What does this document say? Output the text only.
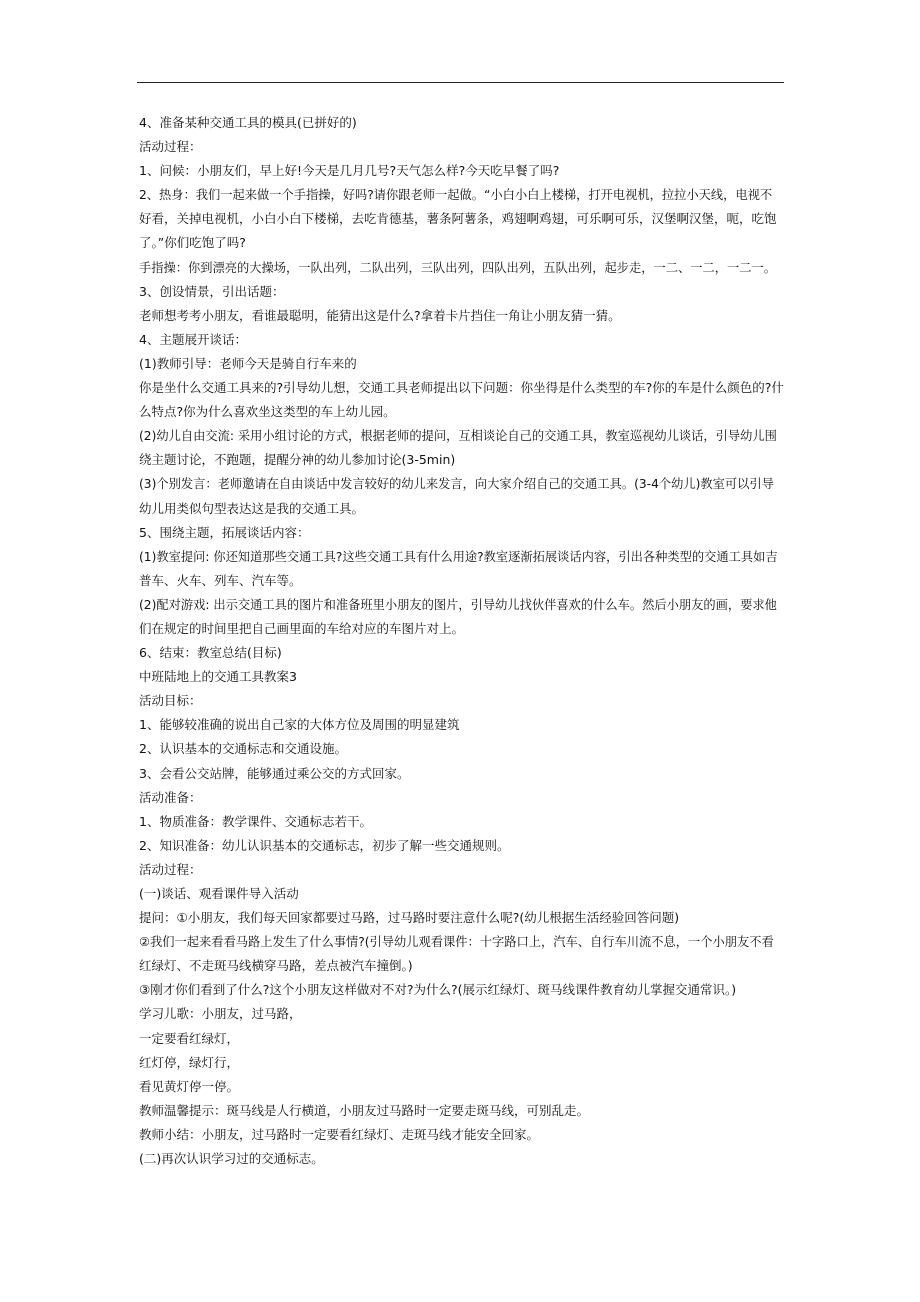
4、准备某种交通工具的模具(已拼好的)

活动过程：

1、问候：小朋友们，早上好!今天是几月几号?天气怎么样?今天吃早餐了吗?

2、热身：我们一起来做一个手指操，好吗?请你跟老师一起做。“小白小白上楼梯，打开电视机，拉拉小天线，电视不

好看，关掉电视机，小白小白下楼梯，去吃肯德基，薯条阿薯条，鸡翅啊鸡翅，可乐啊可乐，汉堡啊汉堡，呃，吃饱

了。”你们吃饱了吗?

手指操：你到漂亮的大操场，一队出列，二队出列，三队出列，四队出列，五队出列，起步走，一二、一二，一二一。

3、创设情景，引出话题：

老师想考考小朋友，看谁最聪明，能猜出这是什么?拿着卡片挡住一角让小朋友猜一猜。

4、主题展开谈话：

(1)教师引导：老师今天是骑自行车来的

你是坐什么交通工具来的?引导幼儿想，交通工具老师提出以下问题：你坐得是什么类型的车?你的车是什么颜色的?什

么特点?你为什么喜欢坐这类型的车上幼儿园。

(2)幼儿自由交流: 采用小组讨论的方式，根据老师的提问，互相谈论自己的交通工具，教室巡视幼儿谈话，引导幼儿围

绕主题讨论，不跑题，提醒分神的幼儿参加讨论(3-5min)

(3)个别发言：老师邀请在自由谈话中发言较好的幼儿来发言，向大家介绍自己的交通工具。(3-4个幼儿)教室可以引导

幼儿用类似句型表达这是我的交通工具。

5、围绕主题，拓展谈话内容：

(1)教室提问: 你还知道那些交通工具?这些交通工具有什么用途?教室逐渐拓展谈话内容，引出各种类型的交通工具如吉

普车、火车、列车、汽车等。

(2)配对游戏: 出示交通工具的图片和准备班里小朋友的图片，引导幼儿找伙伴喜欢的什么车。然后小朋友的画，要求他

们在规定的时间里把自己画里面的车给对应的车图片对上。

6、结束：教室总结(目标)

中班陆地上的交通工具教案3

活动目标：

1、能够较准确的说出自己家的大体方位及周围的明显建筑

2、认识基本的交通标志和交通设施。

3、会看公交站牌，能够通过乘公交的方式回家。

活动准备：

1、物质准备：教学课件、交通标志若干。

2、知识准备：幼儿认识基本的交通标志，初步了解一些交通规则。

活动过程：

(一)谈话、观看课件导入活动

提问：①小朋友，我们每天回家都要过马路，过马路时要注意什么呢?(幼儿根据生活经验回答问题)

②我们一起来看看马路上发生了什么事情?(引导幼儿观看课件：十字路口上，汽车、自行车川流不息，一个小朋友不看

红绿灯、不走斑马线横穿马路，差点被汽车撞倒。)

③刚才你们看到了什么?这个小朋友这样做对不对?为什么?(展示红绿灯、斑马线课件教育幼儿掌握交通常识。)

学习儿歌：小朋友，过马路，

一定要看红绿灯，

红灯停，绿灯行，

看见黄灯停一停。

教师温馨提示：斑马线是人行横道，小朋友过马路时一定要走斑马线，可别乱走。

教师小结：小朋友，过马路时一定要看红绿灯、走斑马线才能安全回家。

(二)再次认识学习过的交通标志。
